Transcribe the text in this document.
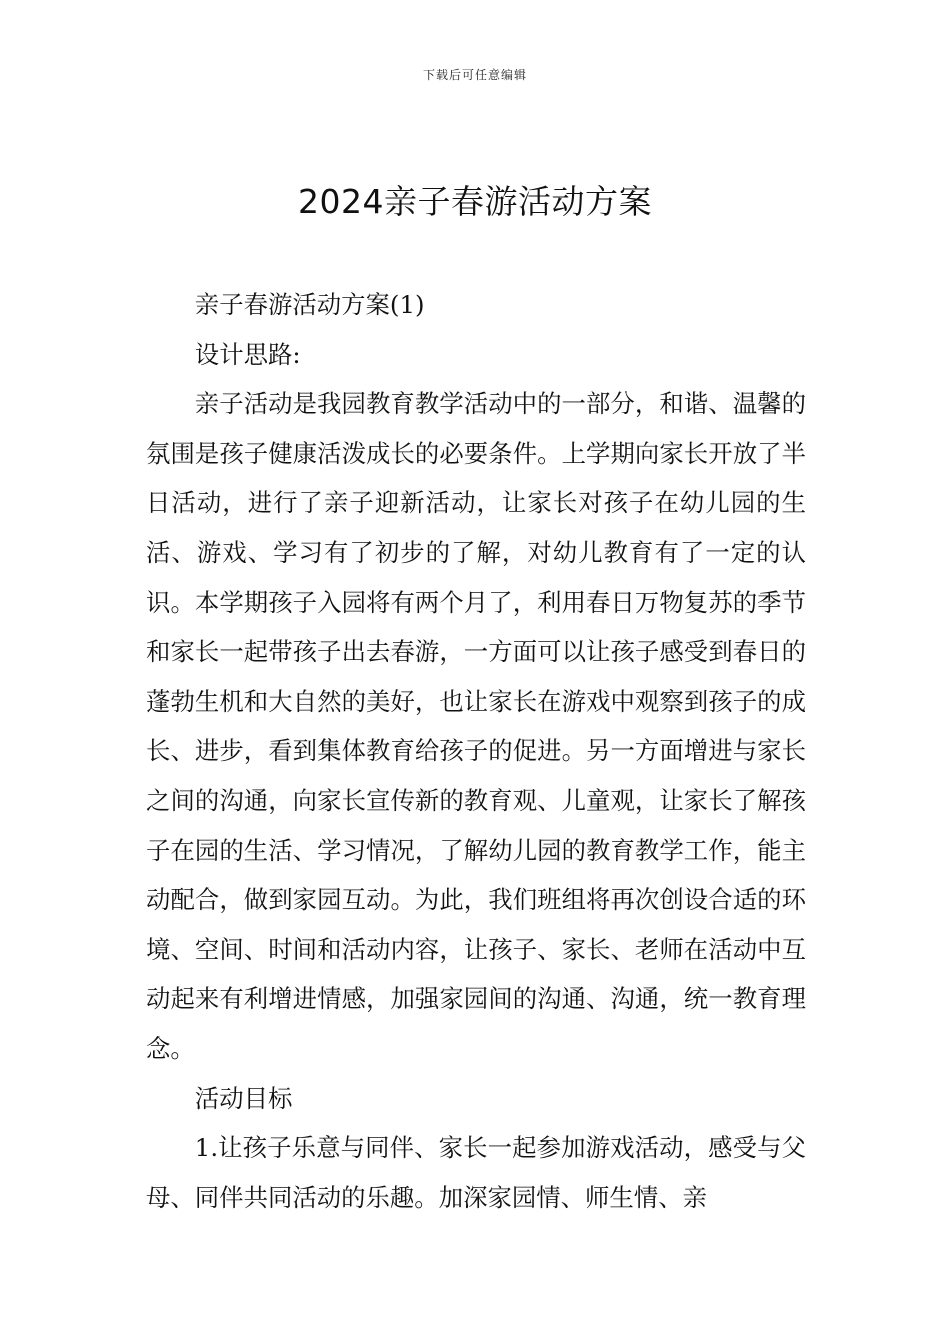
下载后可任意编辑
2024亲子春游活动方案

亲子春游活动方案(1)

设计思路:

亲子活动是我园教育教学活动中的一部分，和谐、温馨的氛围是孩子健康活泼成长的必要条件。上学期向家长开放了半日活动，进行了亲子迎新活动，让家长对孩子在幼儿园的生活、游戏、学习有了初步的了解，对幼儿教育有了一定的认识。本学期孩子入园将有两个月了，利用春日万物复苏的季节和家长一起带孩子出去春游，一方面可以让孩子感受到春日的蓬勃生机和大自然的美好，也让家长在游戏中观察到孩子的成长、进步，看到集体教育给孩子的促进。另一方面增进与家长之间的沟通，向家长宣传新的教育观、儿童观，让家长了解孩子在园的生活、学习情况，了解幼儿园的教育教学工作，能主动配合，做到家园互动。为此，我们班组将再次创设合适的环境、空间、时间和活动内容，让孩子、家长、老师在活动中互动起来有利增进情感，加强家园间的沟通、沟通，统一教育理念。

活动目标

1.让孩子乐意与同伴、家长一起参加游戏活动，感受与父母、同伴共同活动的乐趣。加深家园情、师生情、亲
